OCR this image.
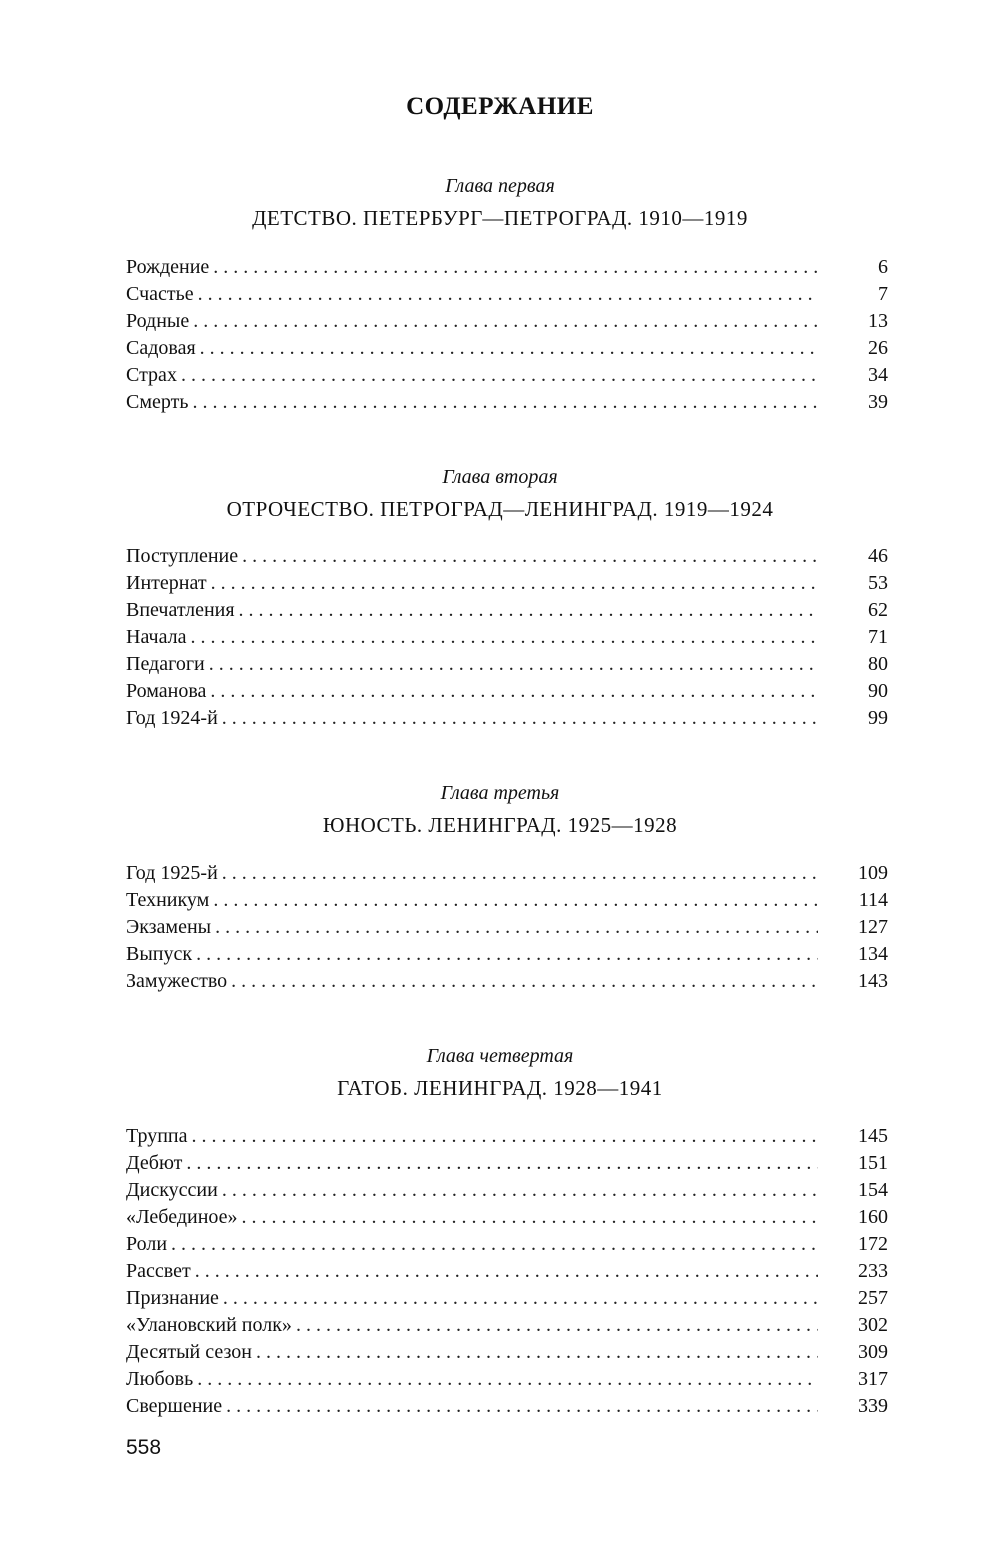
СОДЕРЖАНИЕ
Глава первая
ДЕТСТВО. ПЕТЕРБУРГ—ПЕТРОГРАД. 1910—1919
Рождение . . .	6
Счастье . . .	7
Родные . . .	13
Садовая . . .	26
Страх . . .	34
Смерть . . .	39
Глава вторая
ОТРОЧЕСТВО. ПЕТРОГРАД—ЛЕНИНГРАД. 1919—1924
Поступление . . .	46
Интернат . . .	53
Впечатления . . .	62
Начала . . .	71
Педагоги . . .	80
Романова . . .	90
Год 1924-й . . .	99
Глава третья
ЮНОСТЬ. ЛЕНИНГРАД. 1925—1928
Год 1925-й . . .	109
Техникум . . .	114
Экзамены . . .	127
Выпуск . . .	134
Замужество . . .	143
Глава четвертая
ГАТОБ. ЛЕНИНГРАД. 1928—1941
Труппа . . .	145
Дебют . . .	151
Дискуссии . . .	154
«Лебединое» . . .	160
Роли . . .	172
Рассвет . . .	233
Признание . . .	257
«Улановский полк» . . .	302
Десятый сезон . . .	309
Любовь . . .	317
Свершение . . .	339
558
